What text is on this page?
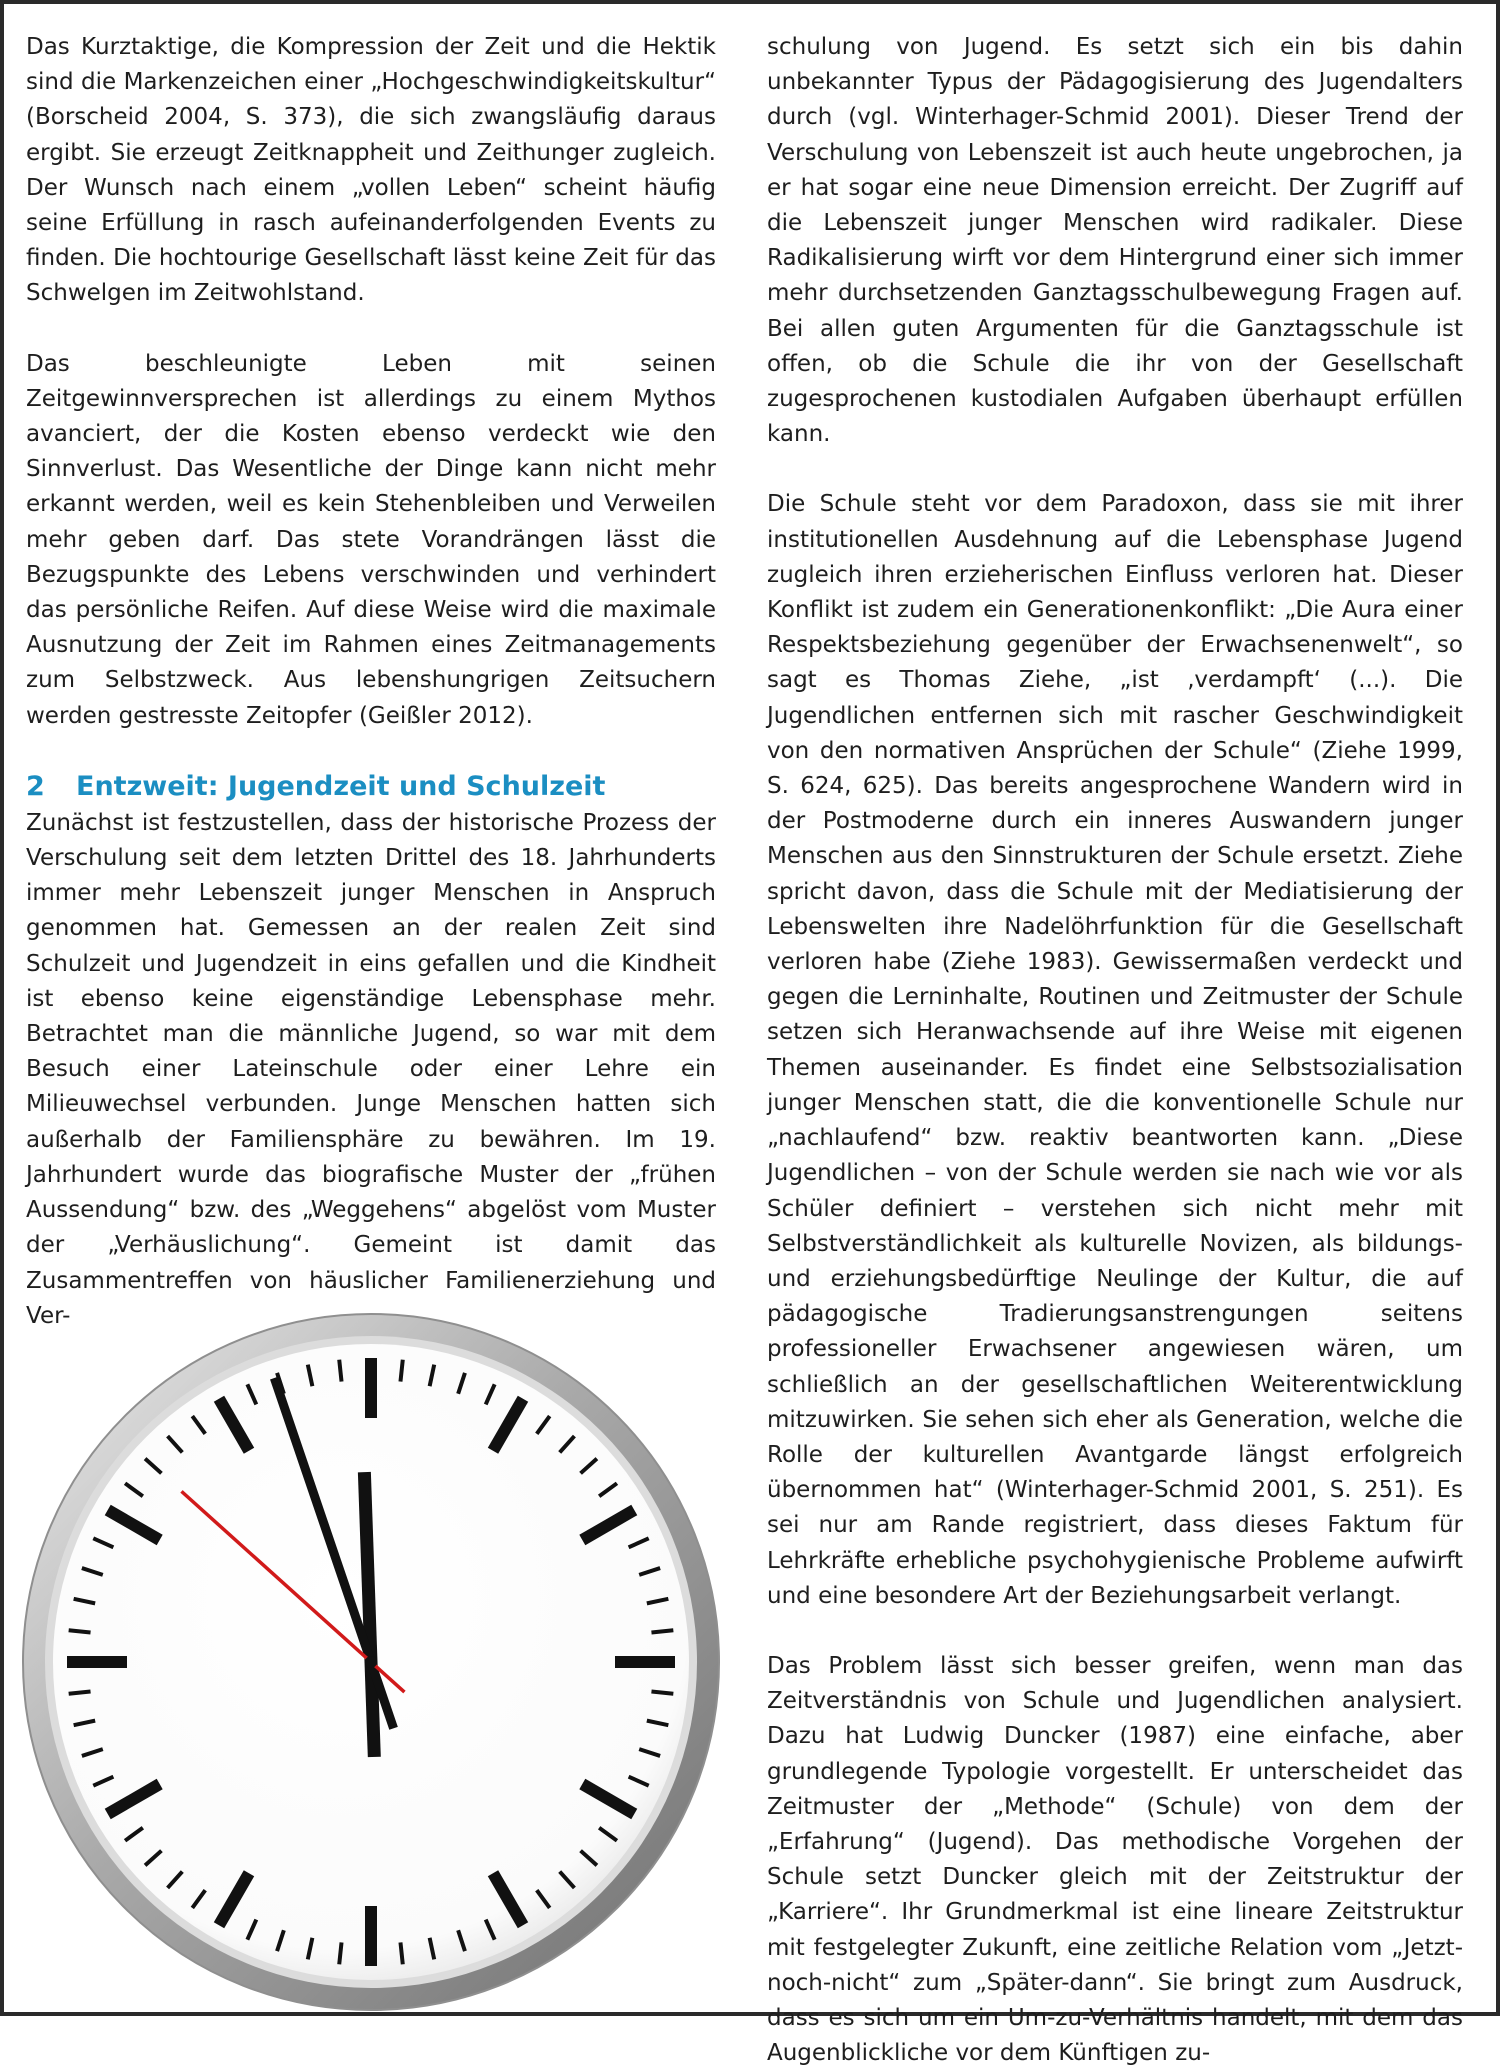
Das Kurztaktige, die Kompression der Zeit und die Hektik sind die Markenzeichen einer „Hochgeschwindigkeitskultur“ (Borscheid 2004, S. 373), die sich zwangsläufig daraus ergibt. Sie erzeugt Zeitknappheit und Zeithunger zugleich. Der Wunsch nach einem „vollen Leben“ scheint häufig seine Erfüllung in rasch aufeinanderfolgenden Events zu finden. Die hochtourige Gesellschaft lässt keine Zeit für das Schwelgen im Zeitwohlstand.

Das beschleunigte Leben mit seinen Zeitgewinnversprechen ist allerdings zu einem Mythos avanciert, der die Kosten ebenso verdeckt wie den Sinnverlust. Das Wesentliche der Dinge kann nicht mehr erkannt werden, weil es kein Stehenbleiben und Verweilen mehr geben darf. Das stete Vorandrängen lässt die Bezugspunkte des Lebens verschwinden und verhindert das persönliche Reifen. Auf diese Weise wird die maximale Ausnutzung der Zeit im Rahmen eines Zeitmanagements zum Selbstzweck. Aus lebenshungrigen Zeitsuchern werden gestresste Zeitopfer (Geißler 2012).

2 Entzweit: Jugendzeit und Schulzeit

Zunächst ist festzustellen, dass der historische Prozess der Verschulung seit dem letzten Drittel des 18. Jahrhunderts immer mehr Lebenszeit junger Menschen in Anspruch genommen hat. Gemessen an der realen Zeit sind Schulzeit und Jugendzeit in eins gefallen und die Kindheit ist ebenso keine eigenständige Lebensphase mehr. Betrachtet man die männliche Jugend, so war mit dem Besuch einer Lateinschule oder einer Lehre ein Milieuwechsel verbunden. Junge Menschen hatten sich außerhalb der Familiensphäre zu bewähren. Im 19. Jahrhundert wurde das biografische Muster der „frühen Aussendung“ bzw. des „Weggehens“ abgelöst vom Muster der „Verhäuslichung“. Gemeint ist damit das Zusammentreffen von häuslicher Familienerziehung und Ver-

schulung von Jugend. Es setzt sich ein bis dahin unbekannter Typus der Pädagogisierung des Jugendalters durch (vgl. Winterhager-Schmid 2001). Dieser Trend der Verschulung von Lebenszeit ist auch heute ungebrochen, ja er hat sogar eine neue Dimension erreicht. Der Zugriff auf die Lebenszeit junger Menschen wird radikaler. Diese Radikalisierung wirft vor dem Hintergrund einer sich immer mehr durchsetzenden Ganztagsschulbewegung Fragen auf. Bei allen guten Argumenten für die Ganztagsschule ist offen, ob die Schule die ihr von der Gesellschaft zugesprochenen kustodialen Aufgaben überhaupt erfüllen kann.

Die Schule steht vor dem Paradoxon, dass sie mit ihrer institutionellen Ausdehnung auf die Lebensphase Jugend zugleich ihren erzieherischen Einfluss verloren hat. Dieser Konflikt ist zudem ein Generationenkonflikt: „Die Aura einer Respektsbeziehung gegenüber der Erwachsenenwelt“, so sagt es Thomas Ziehe, „ist ‚verdampft‘ (...). Die Jugendlichen entfernen sich mit rascher Geschwindigkeit von den normativen Ansprüchen der Schule“ (Ziehe 1999, S. 624, 625). Das bereits angesprochene Wandern wird in der Postmoderne durch ein inneres Auswandern junger Menschen aus den Sinnstrukturen der Schule ersetzt. Ziehe spricht davon, dass die Schule mit der Mediatisierung der Lebenswelten ihre Nadelöhrfunktion für die Gesellschaft verloren habe (Ziehe 1983). Gewissermaßen verdeckt und gegen die Lerninhalte, Routinen und Zeitmuster der Schule setzen sich Heranwachsende auf ihre Weise mit eigenen Themen auseinander. Es findet eine Selbstsozialisation junger Menschen statt, die die konventionelle Schule nur „nachlaufend“ bzw. reaktiv beantworten kann. „Diese Jugendlichen – von der Schule werden sie nach wie vor als Schüler definiert – verstehen sich nicht mehr mit Selbstverständlichkeit als kulturelle Novizen, als bildungs- und erziehungsbedürftige Neulinge der Kultur, die auf pädagogische Tradierungsanstrengungen seitens professioneller Erwachsener angewiesen wären, um schließlich an der gesellschaftlichen Weiterentwicklung mitzuwirken. Sie sehen sich eher als Generation, welche die Rolle der kulturellen Avantgarde längst erfolgreich übernommen hat“ (Winterhager-Schmid 2001, S. 251). Es sei nur am Rande registriert, dass dieses Faktum für Lehrkräfte erhebliche psychohygienische Probleme aufwirft und eine besondere Art der Beziehungsarbeit verlangt.

Das Problem lässt sich besser greifen, wenn man das Zeitverständnis von Schule und Jugendlichen analysiert. Dazu hat Ludwig Duncker (1987) eine einfache, aber grundlegende Typologie vorgestellt. Er unterscheidet das Zeitmuster der „Methode“ (Schule) von dem der „Erfahrung“ (Jugend). Das methodische Vorgehen der Schule setzt Duncker gleich mit der Zeitstruktur der „Karriere“. Ihr Grundmerkmal ist eine lineare Zeitstruktur mit festgelegter Zukunft, eine zeitliche Relation vom „Jetzt-noch-nicht“ zum „Später-dann“. Sie bringt zum Ausdruck, dass es sich um ein Um-zu-Verhältnis handelt, mit dem das Augenblickliche vor dem Künftigen zu-
